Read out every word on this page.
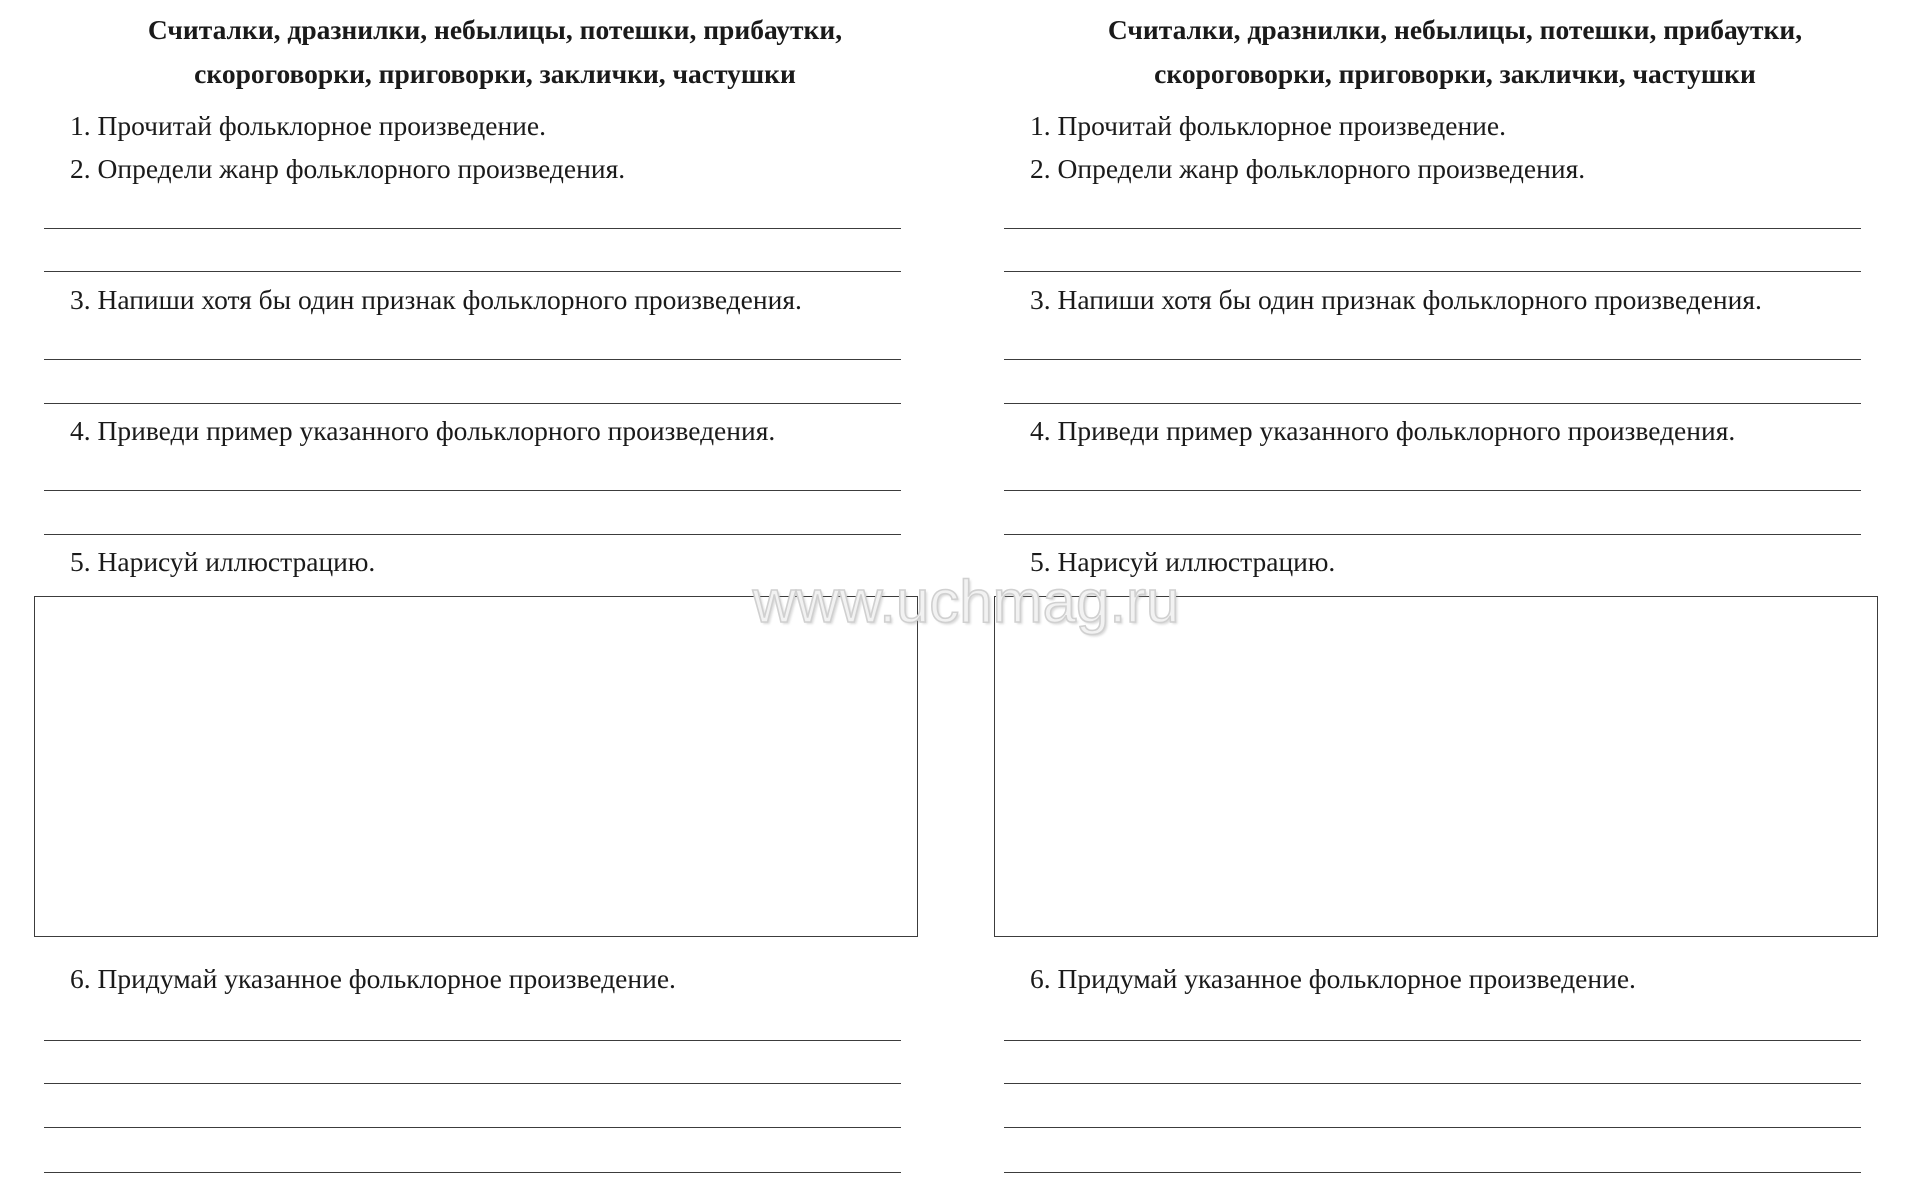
Считалки, дразнилки, небылицы, потешки, прибаутки,
скороговорки, приговорки, заклички, частушки

1. Прочитай фольклорное произведение.

2. Определи жанр фольклорного произведения.

3. Напиши хотя бы один признак фольклорного произведения.

4. Приведи пример указанного фольклорного произведения.

5. Нарисуй иллюстрацию.

6. Придумай указанное фольклорное произведение.

Считалки, дразнилки, небылицы, потешки, прибаутки,
скороговорки, приговорки, заклички, частушки

1. Прочитай фольклорное произведение.

2. Определи жанр фольклорного произведения.

3. Напиши хотя бы один признак фольклорного произведения.

4. Приведи пример указанного фольклорного произведения.

5. Нарисуй иллюстрацию.

6. Придумай указанное фольклорное произведение.

www.uchmag.ru
